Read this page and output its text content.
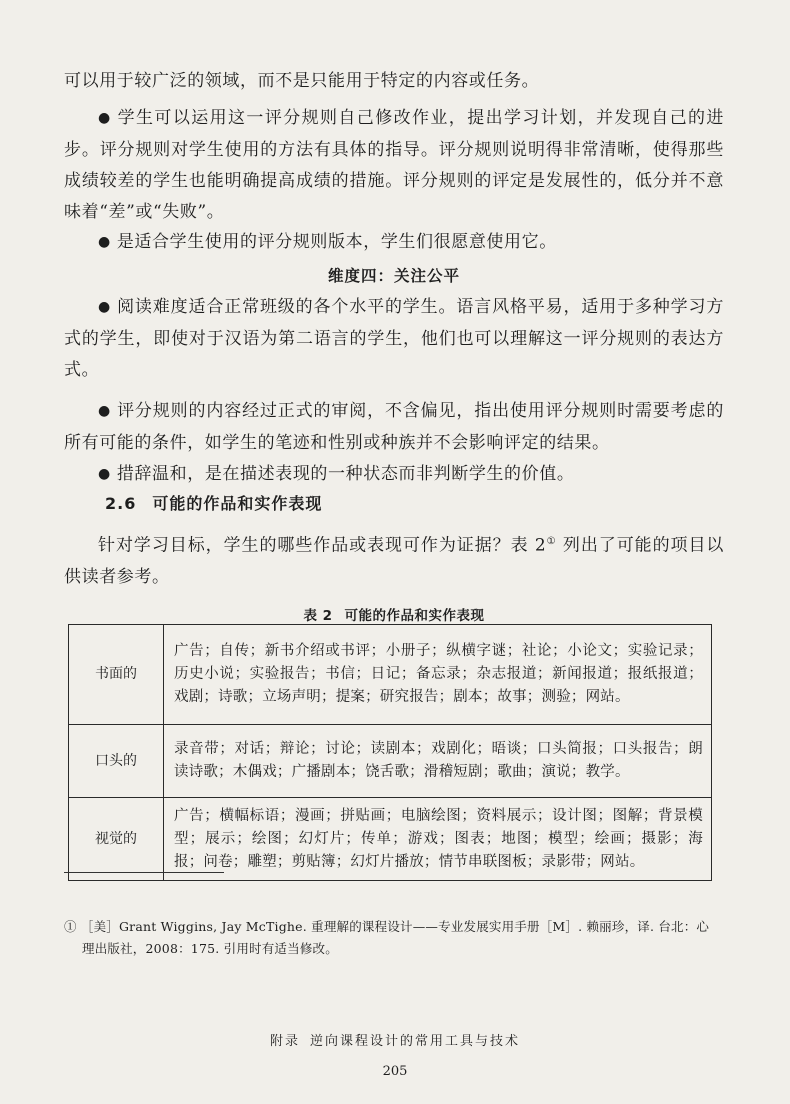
可以用于较广泛的领域，而不是只能用于特定的内容或任务。

● 学生可以运用这一评分规则自己修改作业，提出学习计划，并发现自己的进步。评分规则对学生使用的方法有具体的指导。评分规则说明得非常清晰，使得那些成绩较差的学生也能明确提高成绩的措施。评分规则的评定是发展性的，低分并不意味着“差”或“失败”。

● 是适合学生使用的评分规则版本，学生们很愿意使用它。

维度四：关注公平

● 阅读难度适合正常班级的各个水平的学生。语言风格平易，适用于多种学习方式的学生，即使对于汉语为第二语言的学生，他们也可以理解这一评分规则的表达方式。

● 评分规则的内容经过正式的审阅，不含偏见，指出使用评分规则时需要考虑的所有可能的条件，如学生的笔迹和性别或种族并不会影响评定的结果。

● 措辞温和，是在描述表现的一种状态而非判断学生的价值。

2.6 可能的作品和实作表现

针对学习目标，学生的哪些作品或表现可作为证据？表 2① 列出了可能的项目以供读者参考。

表 2 可能的作品和实作表现
书面的	广告；自传；新书介绍或书评；小册子；纵横字谜；社论；小论文；实验记录；历史小说；实验报告；书信；日记；备忘录；杂志报道；新闻报道；报纸报道；戏剧；诗歌；立场声明；提案；研究报告；剧本；故事；测验；网站。
口头的	录音带；对话；辩论；讨论；读剧本；戏剧化；晤谈；口头简报；口头报告；朗读诗歌；木偶戏；广播剧本；饶舌歌；滑稽短剧；歌曲；演说；教学。
视觉的	广告；横幅标语；漫画；拼贴画；电脑绘图；资料展示；设计图；图解；背景模型；展示；绘图；幻灯片；传单；游戏；图表；地图；模型；绘画；摄影；海报；问卷；雕塑；剪贴簿；幻灯片播放；情节串联图板；录影带；网站。
① ［美］Grant Wiggins, Jay McTighe. 重理解的课程设计——专业发展实用手册［M］. 赖丽珍，译. 台北：心
理出版社，2008：175. 引用时有适当修改。
附录 逆向课程设计的常用工具与技术
205
